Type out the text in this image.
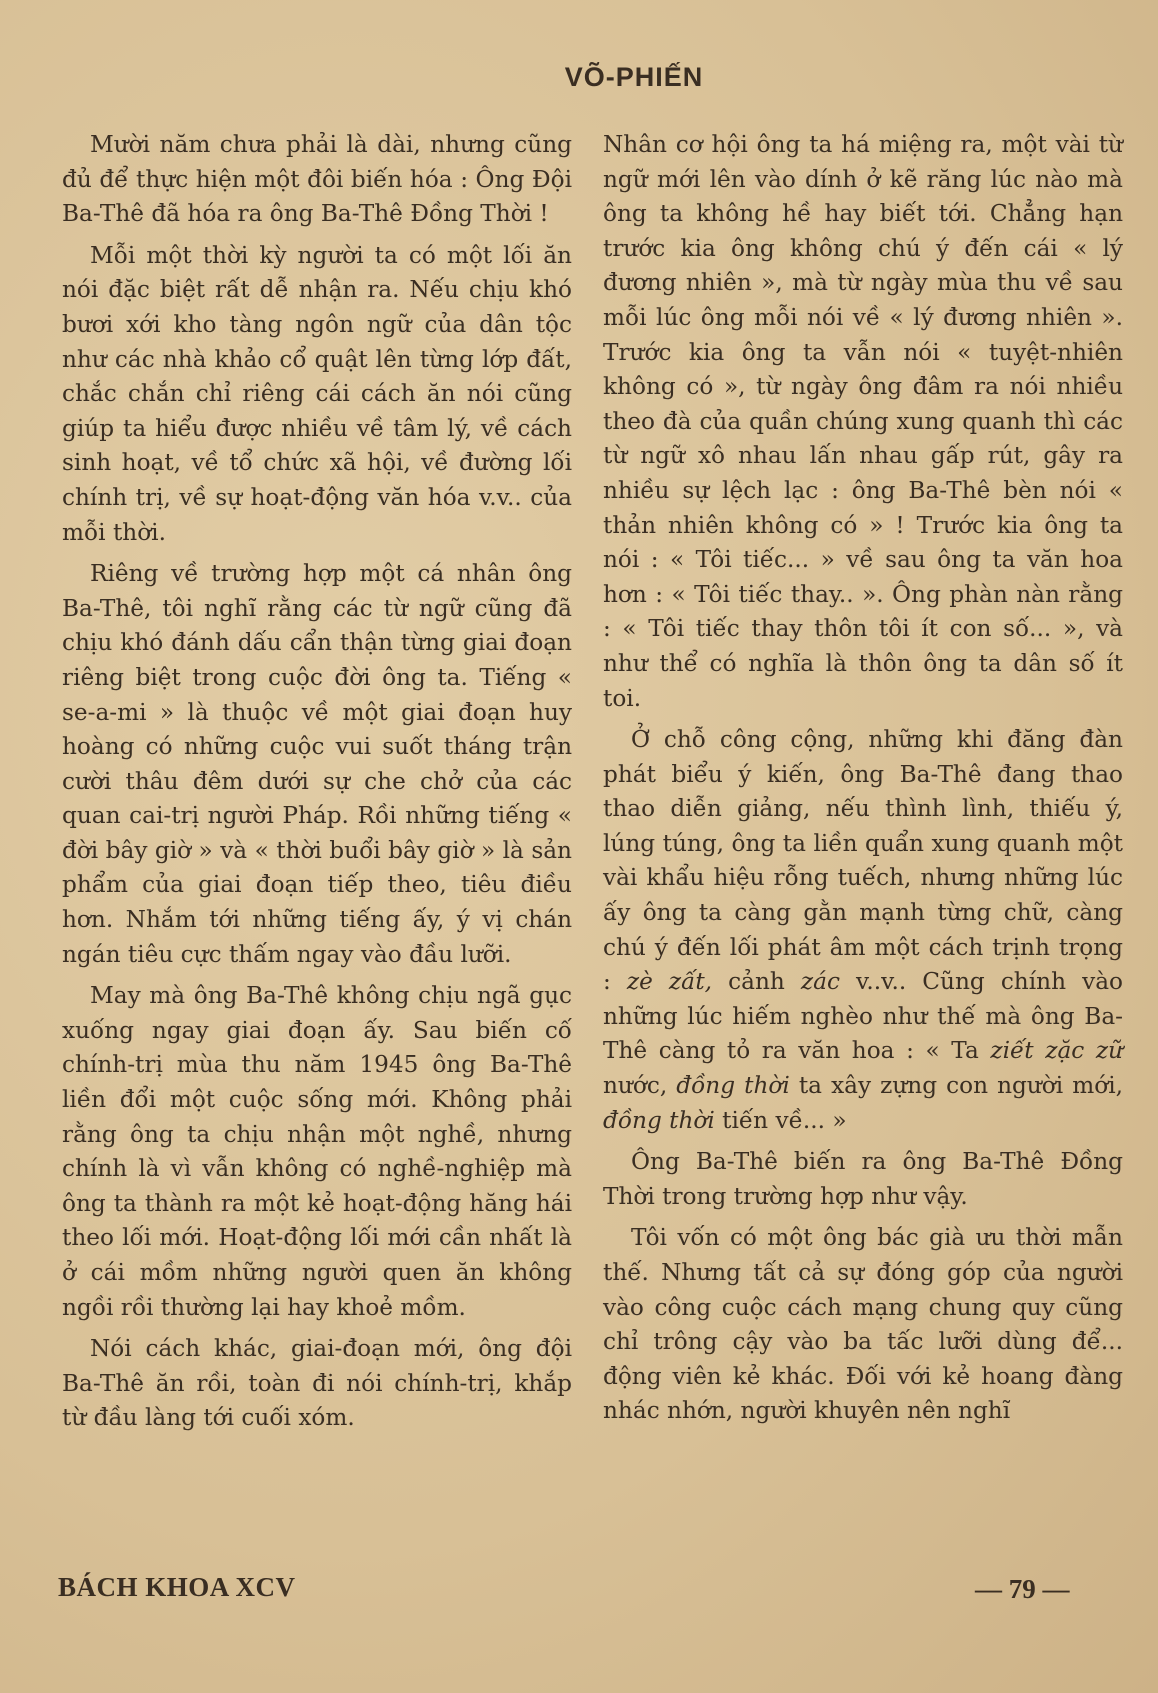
VÕ-PHIẾN

Mười năm chưa phải là dài, nhưng cũng đủ để thực hiện một đôi biến hóa : Ông Đội Ba-Thê đã hóa ra ông Ba-Thê Đồng Thời !

Mỗi một thời kỳ người ta có một lối ăn nói đặc biệt rất dễ nhận ra. Nếu chịu khó bươi xới kho tàng ngôn ngữ của dân tộc như các nhà khảo cổ quật lên từng lớp đất, chắc chắn chỉ riêng cái cách ăn nói cũng giúp ta hiểu được nhiều về tâm lý, về cách sinh hoạt, về tổ chức xã hội, về đường lối chính trị, về sự hoạt-động văn hóa v.v.. của mỗi thời.

Riêng về trường hợp một cá nhân ông Ba-Thê, tôi nghĩ rằng các từ ngữ cũng đã chịu khó đánh dấu cẩn thận từng giai đoạn riêng biệt trong cuộc đời ông ta. Tiếng « se-a-mi » là thuộc về một giai đoạn huy hoàng có những cuộc vui suốt tháng trận cười thâu đêm dưới sự che chở của các quan cai-trị người Pháp. Rồi những tiếng « đời bây giờ » và « thời buổi bây giờ » là sản phẩm của giai đoạn tiếp theo, tiêu điều hơn. Nhắm tới những tiếng ấy, ý vị chán ngán tiêu cực thấm ngay vào đầu lưỡi.

May mà ông Ba-Thê không chịu ngã gục xuống ngay giai đoạn ấy. Sau biến cố chính-trị mùa thu năm 1945 ông Ba-Thê liền đổi một cuộc sống mới. Không phải rằng ông ta chịu nhận một nghề, nhưng chính là vì vẫn không có nghề-nghiệp mà ông ta thành ra một kẻ hoạt-động hăng hái theo lối mới. Hoạt-động lối mới cần nhất là ở cái mồm những người quen ăn không ngồi rồi thường lại hay khoẻ mồm.

Nói cách khác, giai-đoạn mới, ông đội Ba-Thê ăn rồi, toàn đi nói chính-trị, khắp từ đầu làng tới cuối xóm.

Nhân cơ hội ông ta há miệng ra, một vài từ ngữ mới lên vào dính ở kẽ răng lúc nào mà ông ta không hề hay biết tới. Chẳng hạn trước kia ông không chú ý đến cái « lý đương nhiên », mà từ ngày mùa thu về sau mỗi lúc ông mỗi nói về « lý đương nhiên ». Trước kia ông ta vẫn nói « tuyệt-nhiên không có », từ ngày ông đâm ra nói nhiều theo đà của quần chúng xung quanh thì các từ ngữ xô nhau lấn nhau gấp rút, gây ra nhiều sự lệch lạc : ông Ba-Thê bèn nói « thản nhiên không có » ! Trước kia ông ta nói : « Tôi tiếc... » về sau ông ta văn hoa hơn : « Tôi tiếc thay.. ». Ông phàn nàn rằng : « Tôi tiếc thay thôn tôi ít con số... », và như thể có nghĩa là thôn ông ta dân số ít toi.

Ở chỗ công cộng, những khi đăng đàn phát biểu ý kiến, ông Ba-Thê đang thao thao diễn giảng, nếu thình lình, thiếu ý, lúng túng, ông ta liền quẩn xung quanh một vài khẩu hiệu rỗng tuếch, nhưng những lúc ấy ông ta càng gằn mạnh từng chữ, càng chú ý đến lối phát âm một cách trịnh trọng : zè zất, cảnh zác v..v.. Cũng chính vào những lúc hiếm nghèo như thế mà ông Ba-Thê càng tỏ ra văn hoa : « Ta ziết zặc zữ nước, đồng thời ta xây zựng con người mới, đồng thời tiến về... »

Ông Ba-Thê biến ra ông Ba-Thê Đồng Thời trong trường hợp như vậy.

Tôi vốn có một ông bác già ưu thời mẫn thế. Nhưng tất cả sự đóng góp của người vào công cuộc cách mạng chung quy cũng chỉ trông cậy vào ba tấc lưỡi dùng để... động viên kẻ khác. Đối với kẻ hoang đàng nhác nhớn, người khuyên nên nghĩ

BÁCH KHOA XCV	— 79 —
